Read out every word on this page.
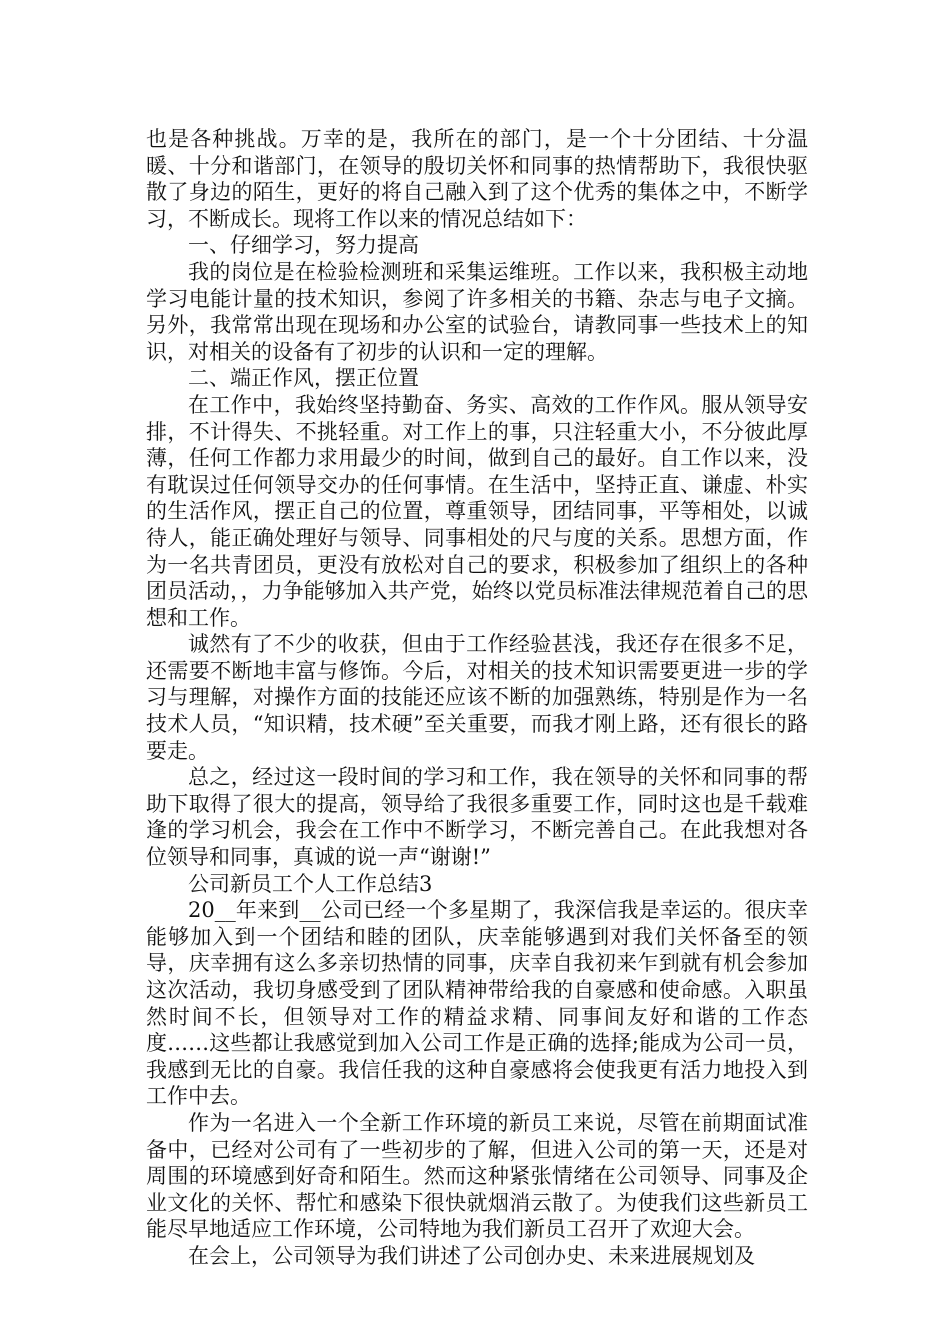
也是各种挑战。万幸的是，我所在的部门，是一个十分团结、十分温暖、十分和谐部门，在领导的殷切关怀和同事的热情帮助下，我很快驱散了身边的陌生，更好的将自己融入到了这个优秀的集体之中，不断学习，不断成长。现将工作以来的情况总结如下：

一、仔细学习，努力提高

我的岗位是在检验检测班和采集运维班。工作以来，我积极主动地学习电能计量的技术知识，参阅了许多相关的书籍、杂志与电子文摘。另外，我常常出现在现场和办公室的试验台，请教同事一些技术上的知识，对相关的设备有了初步的认识和一定的理解。

二、端正作风，摆正位置

在工作中，我始终坚持勤奋、务实、高效的工作作风。服从领导安排，不计得失、不挑轻重。对工作上的事，只注轻重大小，不分彼此厚薄，任何工作都力求用最少的时间，做到自己的最好。自工作以来，没有耽误过任何领导交办的任何事情。在生活中，坚持正直、谦虚、朴实的生活作风，摆正自己的位置，尊重领导，团结同事，平等相处，以诚待人，能正确处理好与领导、同事相处的尺与度的关系。思想方面，作为一名共青团员，更没有放松对自己的要求，积极参加了组织上的各种团员活动，，力争能够加入共产党，始终以党员标准法律规范着自己的思想和工作。

诚然有了不少的收获，但由于工作经验甚浅，我还存在很多不足，还需要不断地丰富与修饰。今后，对相关的技术知识需要更进一步的学习与理解，对操作方面的技能还应该不断的加强熟练，特别是作为一名技术人员，“知识精，技术硬”至关重要，而我才刚上路，还有很长的路要走。

总之，经过这一段时间的学习和工作，我在领导的关怀和同事的帮助下取得了很大的提高，领导给了我很多重要工作，同时这也是千载难逢的学习机会，我会在工作中不断学习，不断完善自己。在此我想对各位领导和同事，真诚的说一声“谢谢!”

公司新员工个人工作总结3

20__年来到__公司已经一个多星期了，我深信我是幸运的。很庆幸能够加入到一个团结和睦的团队，庆幸能够遇到对我们关怀备至的领导，庆幸拥有这么多亲切热情的同事，庆幸自我初来乍到就有机会参加这次活动，我切身感受到了团队精神带给我的自豪感和使命感。入职虽然时间不长，但领导对工作的精益求精、同事间友好和谐的工作态度……这些都让我感觉到加入公司工作是正确的选择;能成为公司一员，我感到无比的自豪。我信任我的这种自豪感将会使我更有活力地投入到工作中去。

作为一名进入一个全新工作环境的新员工来说，尽管在前期面试准备中，已经对公司有了一些初步的了解，但进入公司的第一天，还是对周围的环境感到好奇和陌生。然而这种紧张情绪在公司领导、同事及企业文化的关怀、帮忙和感染下很快就烟消云散了。为使我们这些新员工能尽早地适应工作环境，公司特地为我们新员工召开了欢迎大会。

在会上，公司领导为我们讲述了公司创办史、未来进展规划及
